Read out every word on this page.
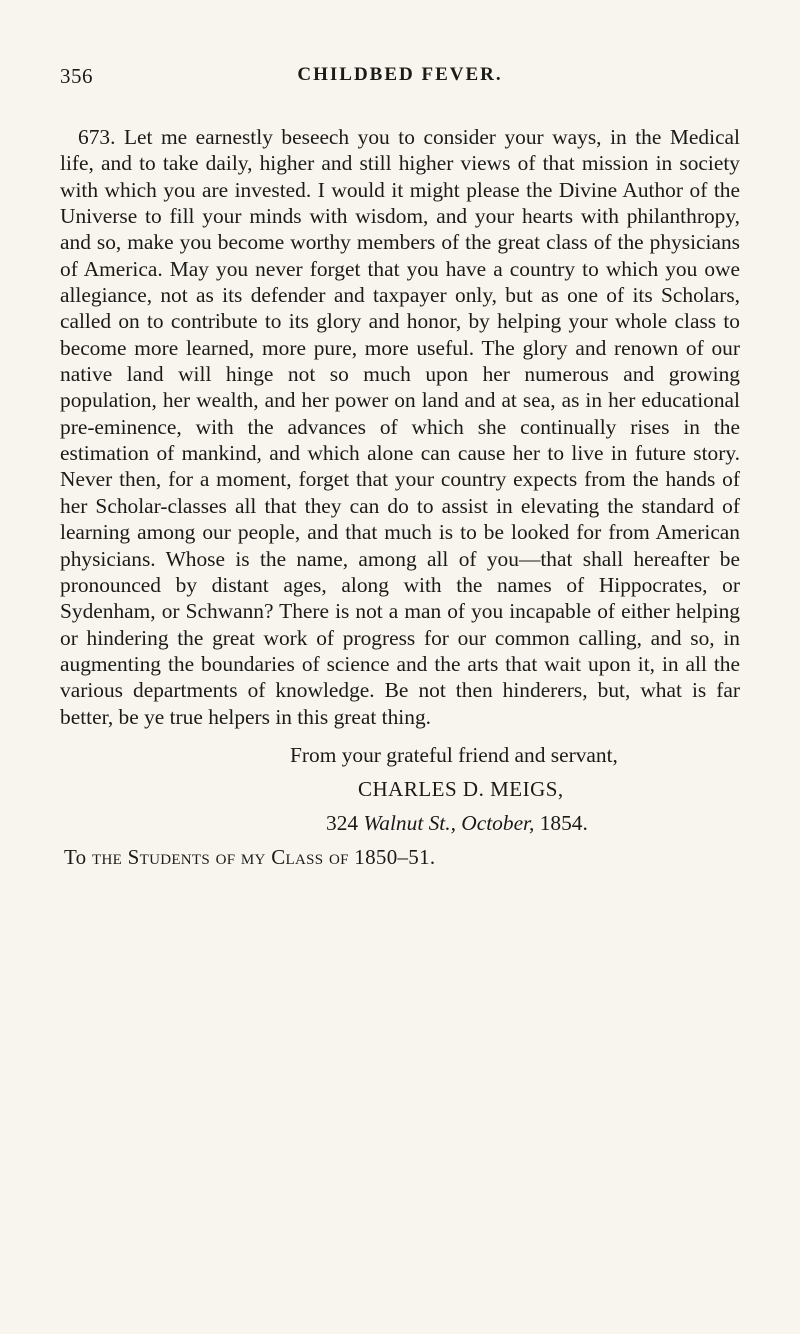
356	CHILDBED FEVER.

673. Let me earnestly beseech you to consider your ways, in the Medical life, and to take daily, higher and still higher views of that mission in society with which you are invested. I would it might please the Divine Author of the Universe to fill your minds with wisdom, and your hearts with philanthropy, and so, make you become worthy members of the great class of the physicians of America. May you never forget that you have a country to which you owe allegiance, not as its defender and taxpayer only, but as one of its Scholars, called on to contribute to its glory and honor, by helping your whole class to become more learned, more pure, more useful. The glory and renown of our native land will hinge not so much upon her numerous and growing population, her wealth, and her power on land and at sea, as in her educational pre-eminence, with the advances of which she continually rises in the estimation of mankind, and which alone can cause her to live in future story. Never then, for a moment, forget that your country expects from the hands of her Scholar-classes all that they can do to assist in elevating the standard of learning among our people, and that much is to be looked for from American physicians. Whose is the name, among all of you—that shall hereafter be pronounced by distant ages, along with the names of Hippocrates, or Sydenham, or Schwann? There is not a man of you incapable of either helping or hindering the great work of progress for our common calling, and so, in augmenting the boundaries of science and the arts that wait upon it, in all the various departments of knowledge. Be not then hinderers, but, what is far better, be ye true helpers in this great thing.

From your grateful friend and servant,
CHARLES D. MEIGS,
324 Walnut St., October, 1854.
To the Students of my Class of 1850–51.
